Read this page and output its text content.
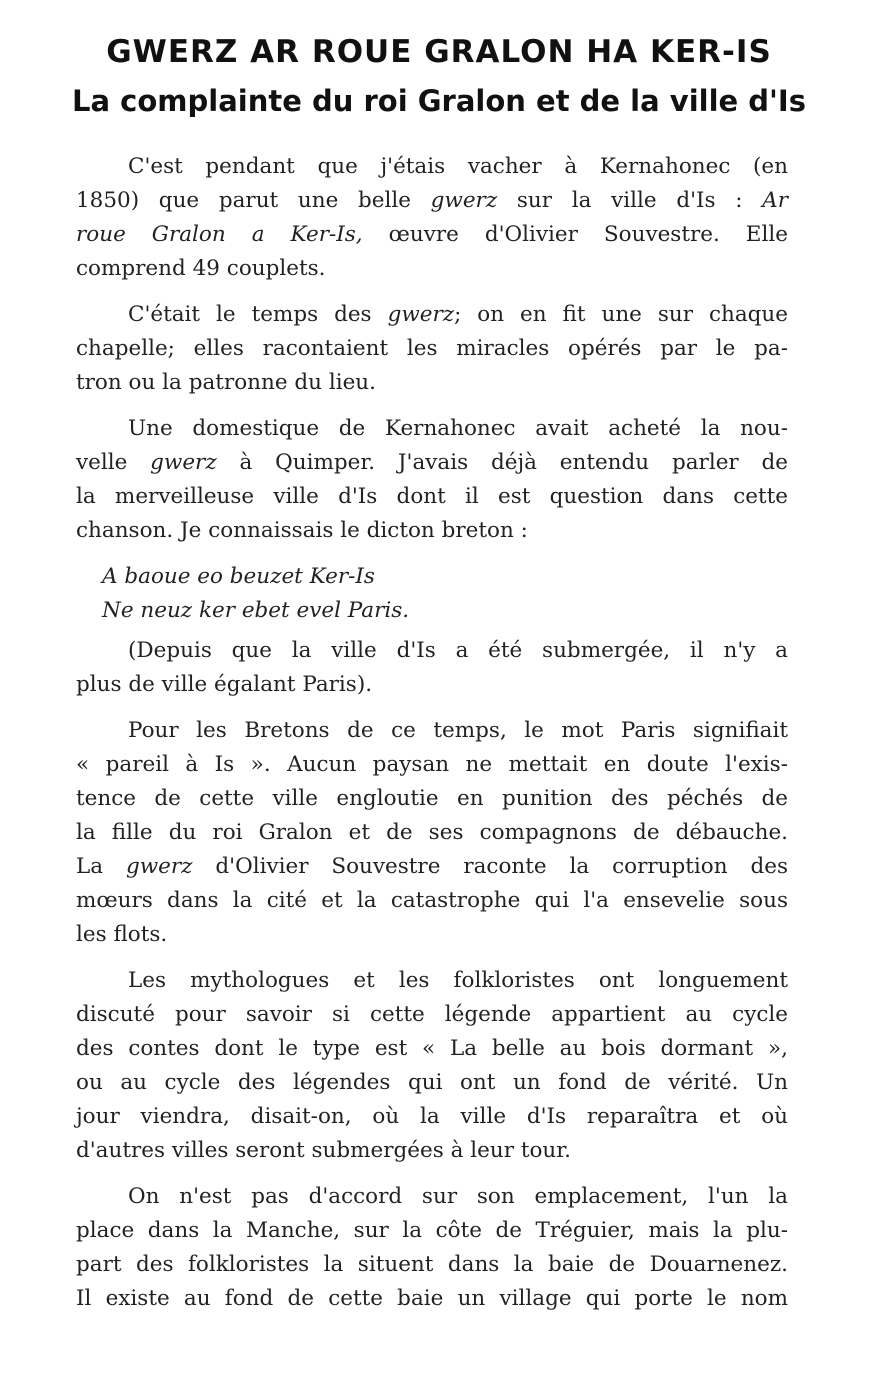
GWERZ AR ROUE GRALON HA KER-IS
La complainte du roi Gralon et de la ville d'Is

C'est pendant que j'étais vacher à Kernahonec (en
1850) que parut une belle gwerz sur la ville d'Is : Ar
roue Gralon a Ker-Is, œuvre d'Olivier Souvestre. Elle
comprend 49 couplets.

C'était le temps des gwerz; on en fit une sur chaque
chapelle; elles racontaient les miracles opérés par le pa-
tron ou la patronne du lieu.

Une domestique de Kernahonec avait acheté la nou-
velle gwerz à Quimper. J'avais déjà entendu parler de
la merveilleuse ville d'Is dont il est question dans cette
chanson. Je connaissais le dicton breton :

A baoue eo beuzet Ker-Is
Ne neuz ker ebet evel Paris.

(Depuis que la ville d'Is a été submergée, il n'y a
plus de ville égalant Paris).

Pour les Bretons de ce temps, le mot Paris signifiait
« pareil à Is ». Aucun paysan ne mettait en doute l'exis-
tence de cette ville engloutie en punition des péchés de
la fille du roi Gralon et de ses compagnons de débauche.
La gwerz d'Olivier Souvestre raconte la corruption des
mœurs dans la cité et la catastrophe qui l'a ensevelie sous
les flots.

Les mythologues et les folkloristes ont longuement
discuté pour savoir si cette légende appartient au cycle
des contes dont le type est « La belle au bois dormant »,
ou au cycle des légendes qui ont un fond de vérité. Un
jour viendra, disait-on, où la ville d'Is reparaîtra et où
d'autres villes seront submergées à leur tour.

On n'est pas d'accord sur son emplacement, l'un la
place dans la Manche, sur la côte de Tréguier, mais la plu-
part des folkloristes la situent dans la baie de Douarnenez.
Il existe au fond de cette baie un village qui porte le nom
